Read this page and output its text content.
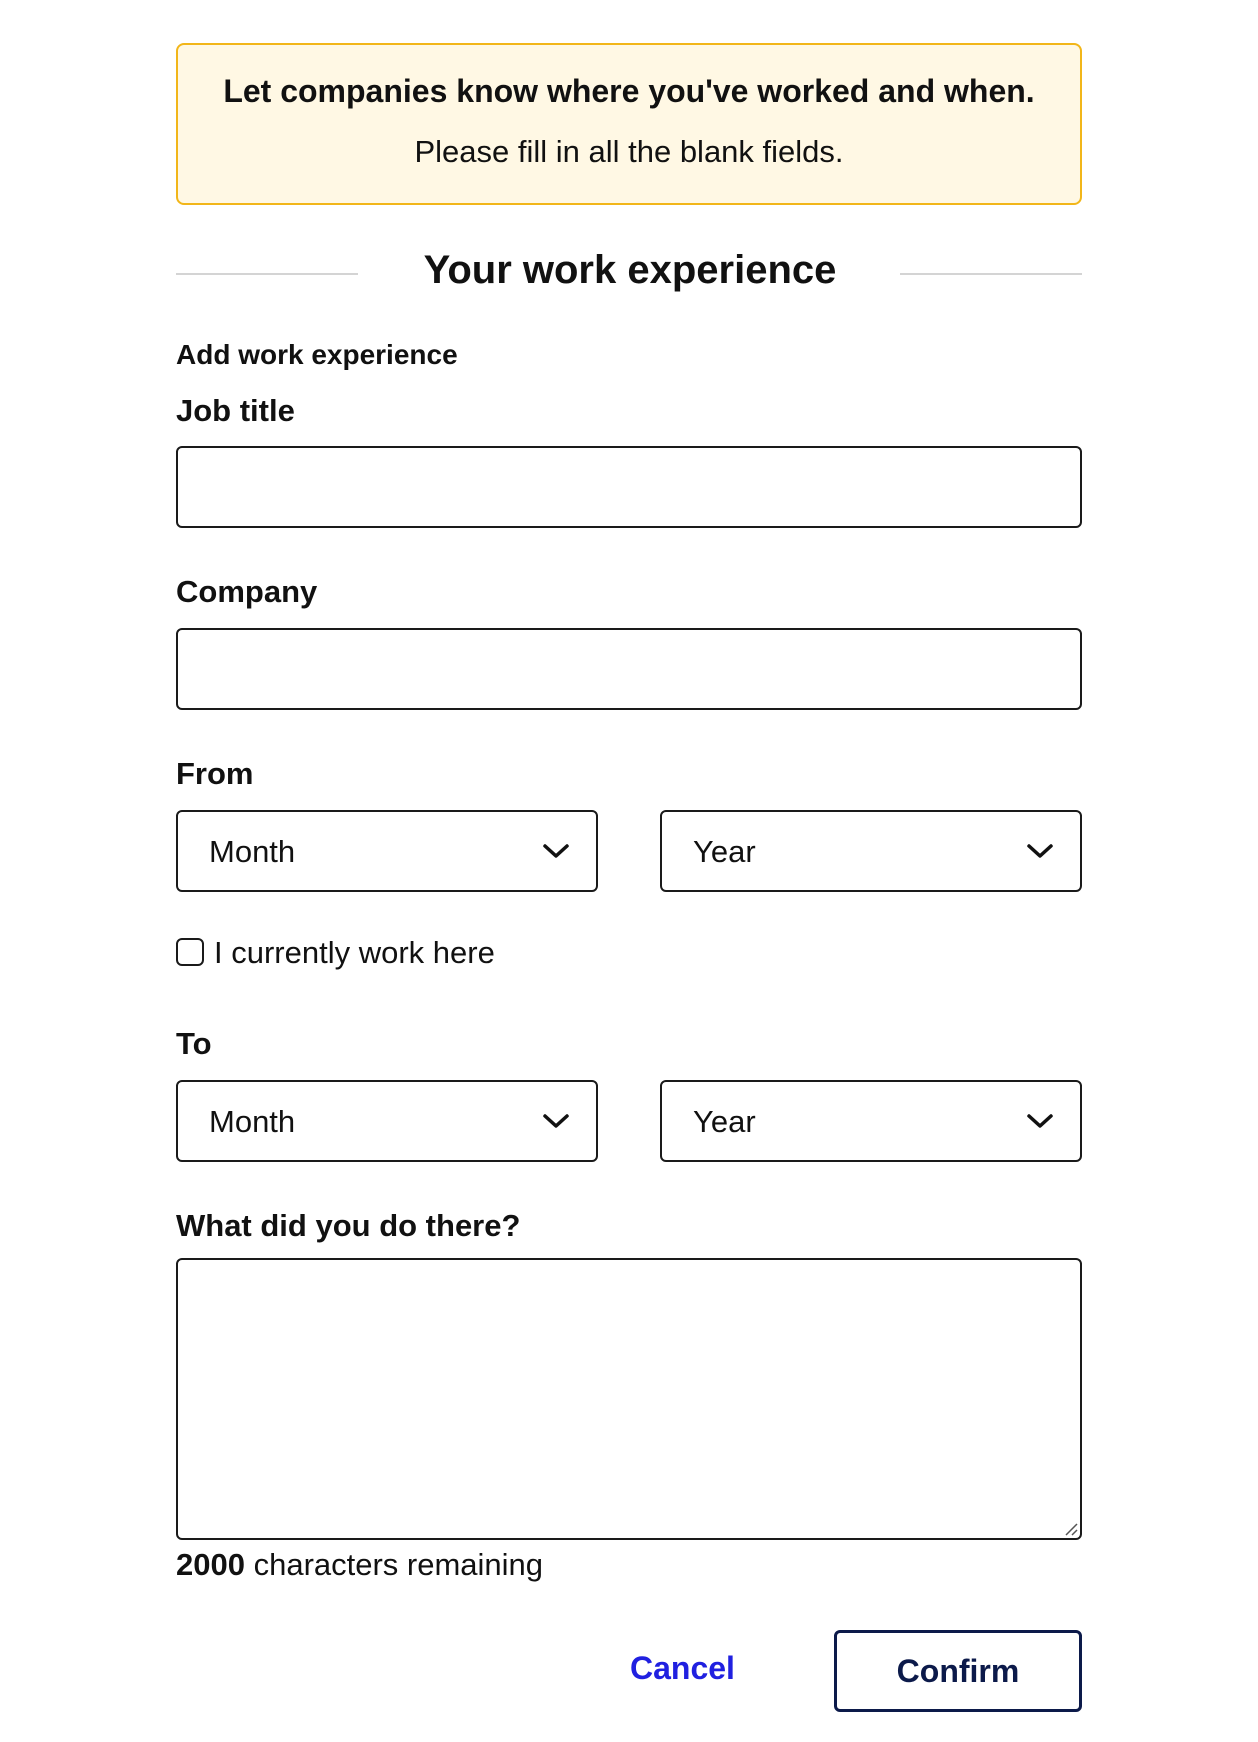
Let companies know where you've worked and when.
Please fill in all the blank fields.
Your work experience
Add work experience
Job title
Company
From
Month	Year
I currently work here
To
Month	Year
What did you do there?
2000 characters remaining
Cancel	Confirm
